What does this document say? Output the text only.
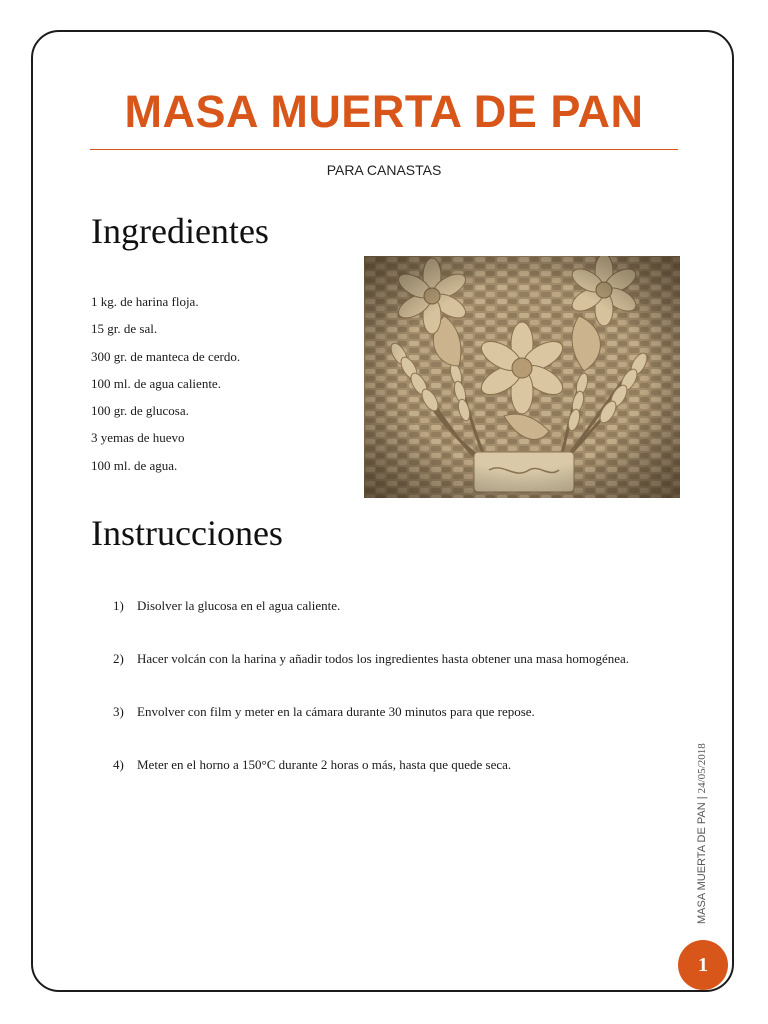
MASA MUERTA DE PAN
PARA CANASTAS
Ingredientes
1 kg. de harina floja.
15 gr. de sal.
300 gr. de manteca de cerdo.
100 ml. de agua caliente.
100 gr. de glucosa.
3 yemas de huevo
100 ml. de agua.
Instrucciones
1) Disolver la glucosa en el agua caliente.
2) Hacer volcán con la harina y añadir todos los ingredientes hasta obtener una masa homogénea.
3) Envolver con film y meter en la cámara durante 30 minutos para que repose.
4) Meter en el horno a 150°C durante 2 horas o más, hasta que quede seca.
MASA MUERTA DE PAN | 24/05/2018
1
